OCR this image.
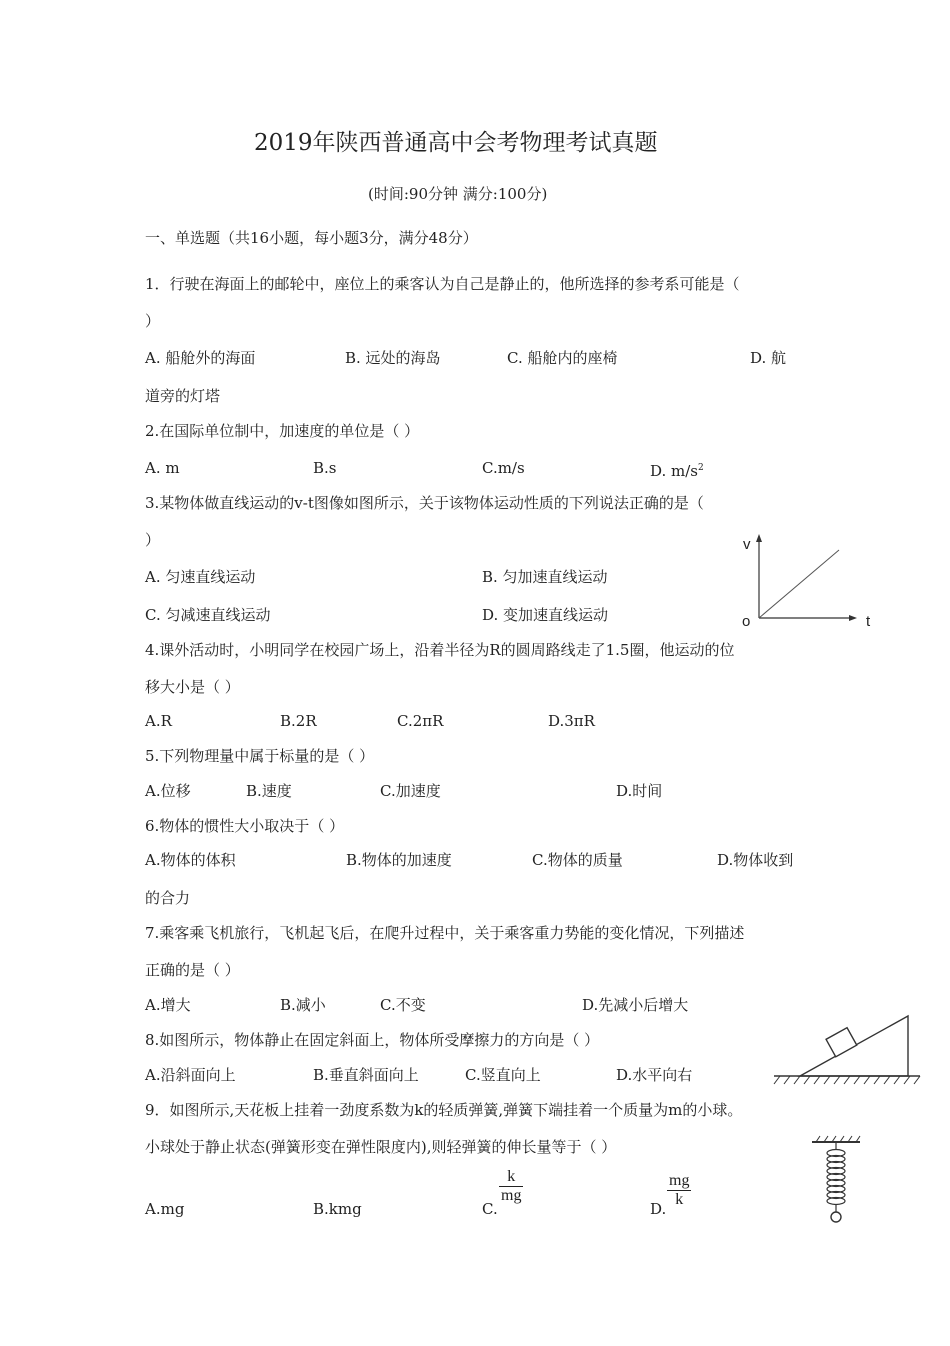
2019年陕西普通高中会考物理考试真题
(时间:90分钟 满分:100分)
一、单选题（共16小题，每小题3分，满分48分）
1．行驶在海面上的邮轮中，座位上的乘客认为自己是静止的，他所选择的参考系可能是（
）
A. 船舱外的海面	B. 远处的海岛	C. 船舱内的座椅	D. 航
道旁的灯塔
2.在国际单位制中，加速度的单位是（ ）
A. m	B.s	C.m/s	D. $m/s^2$
3.某物体做直线运动的v-t图像如图所示，关于该物体运动性质的下列说法正确的是（
）
A. 匀速直线运动	B. 匀加速直线运动
C. 匀减速直线运动	D. 变加速直线运动
v
t
o
4.课外活动时，小明同学在校园广场上，沿着半径为R的圆周路线走了1.5圈，他运动的位
移大小是（ ）
A.R	B.2R	C.2πR	D.3πR
5.下列物理量中属于标量的是（ ）
A.位移	B.速度	C.加速度	D.时间
6.物体的惯性大小取决于（ ）
A.物体的体积	B.物体的加速度	C.物体的质量	D.物体收到
的合力
7.乘客乘飞机旅行，飞机起飞后，在爬升过程中，关于乘客重力势能的变化情况，下列描述
正确的是（ ）
A.增大	B.减小	C.不变	D.先减小后增大
8.如图所示，物体静止在固定斜面上，物体所受摩擦力的方向是（ ）
A.沿斜面向上	B.垂直斜面向上	C.竖直向上	D.水平向右
9．如图所示,天花板上挂着一劲度系数为k的轻质弹簧,弹簧下端挂着一个质量为m的小球。
小球处于静止状态(弹簧形变在弹性限度内),则轻弹簧的伸长量等于（ ）
A.mg	B.kmg	C.
$\frac{k}{mg}$
D. $\frac{mg}{k}$
